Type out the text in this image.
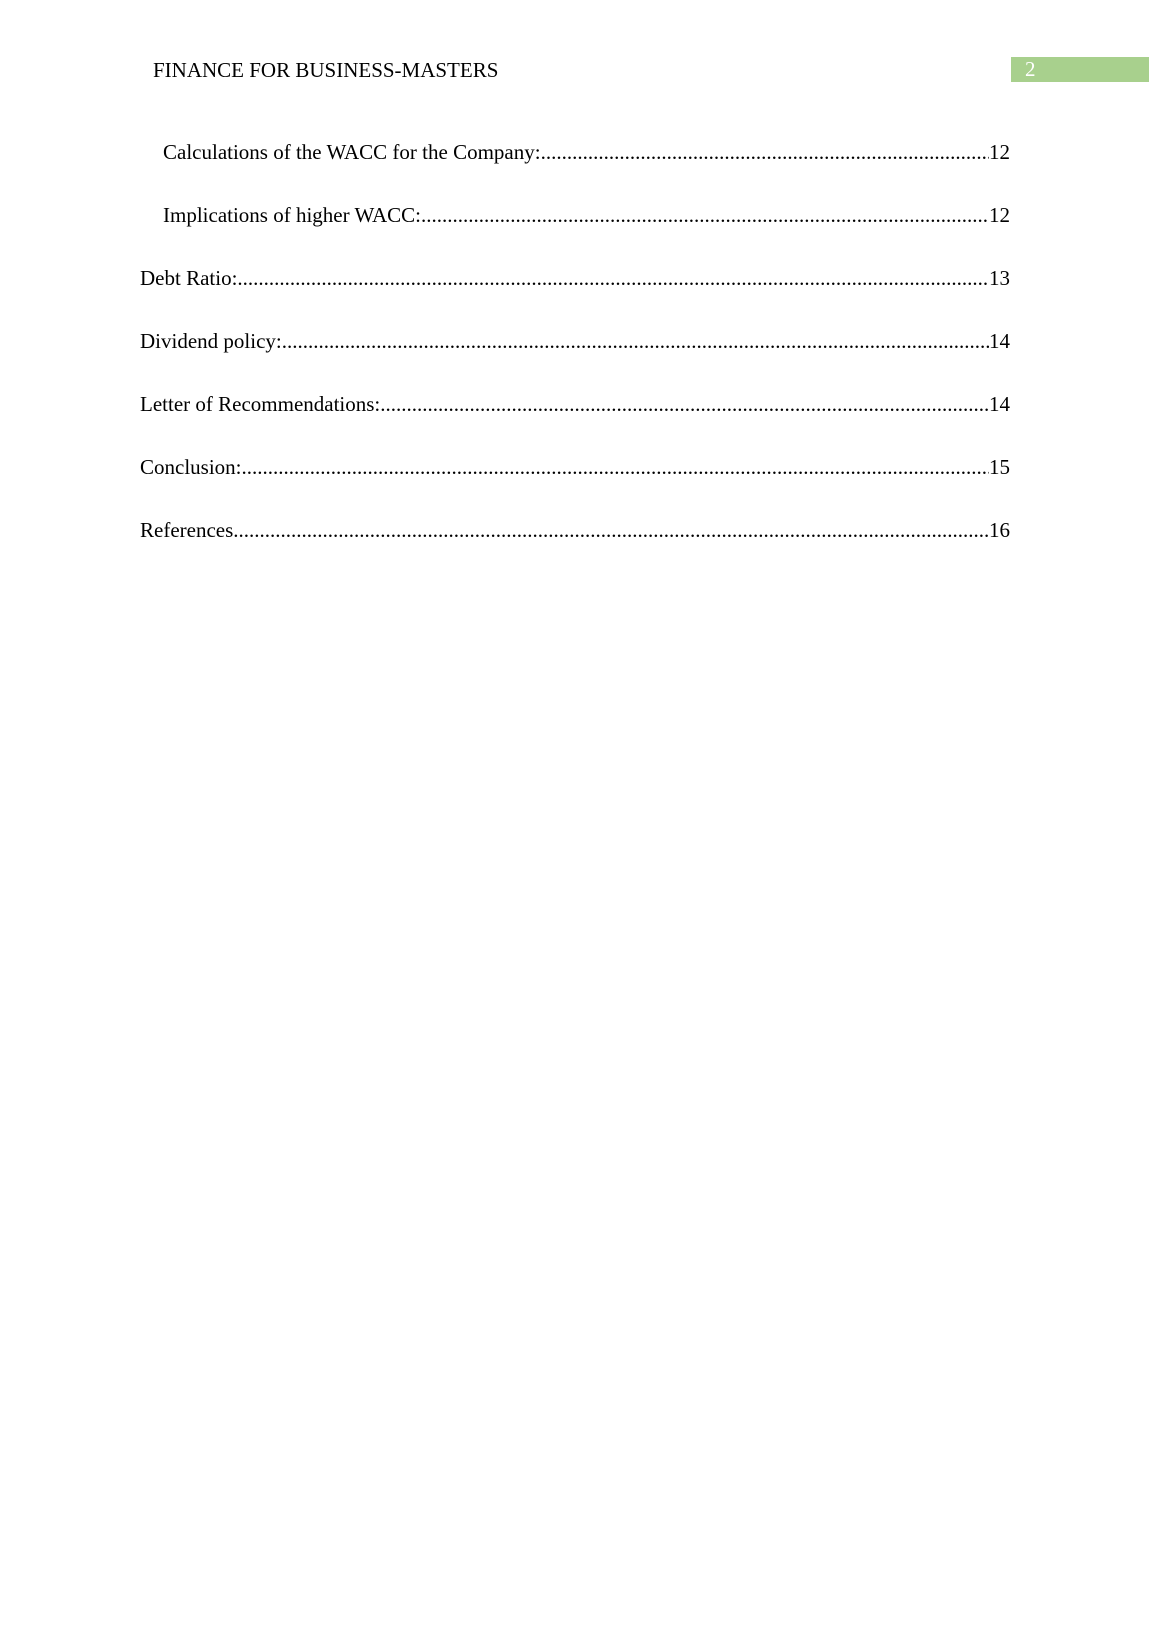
FINANCE FOR BUSINESS-MASTERS	2
Calculations of the WACC for the Company: .....	12
Implications of higher WACC: .....	12
Debt Ratio: .....	13
Dividend policy: .....	14
Letter of Recommendations: .....	14
Conclusion: .....	15
References .....	16
